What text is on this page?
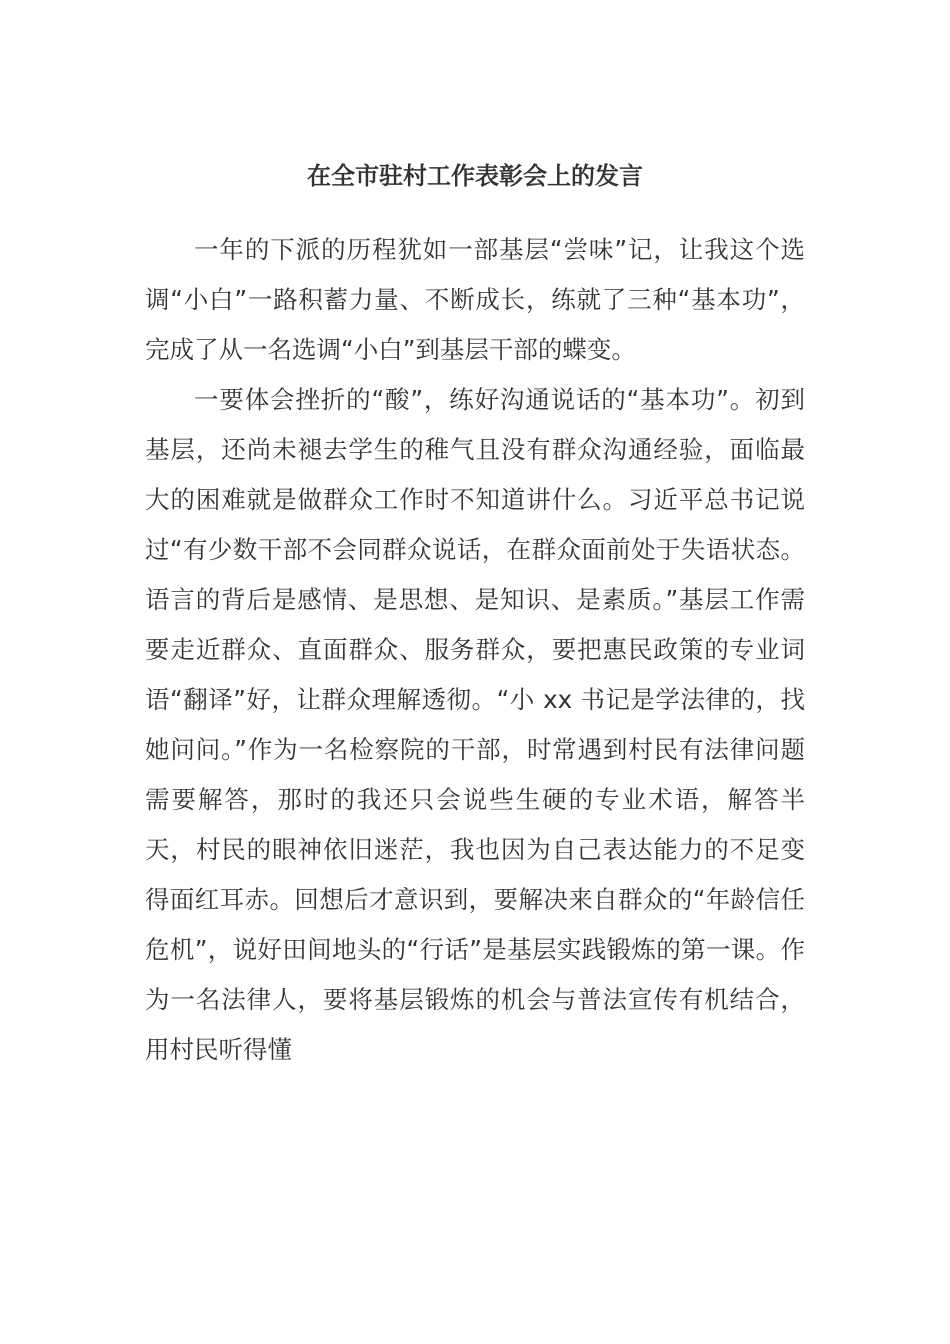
在全市驻村工作表彰会上的发言

一年的下派的历程犹如一部基层“尝味”记，让我这个选调“小白”一路积蓄力量、不断成长，练就了三种“基本功”，完成了从一名选调“小白”到基层干部的蝶变。

一要体会挫折的“酸”，练好沟通说话的“基本功”。初到基层，还尚未褪去学生的稚气且没有群众沟通经验，面临最大的困难就是做群众工作时不知道讲什么。习近平总书记说过“有少数干部不会同群众说话，在群众面前处于失语状态。语言的背后是感情、是思想、是知识、是素质。”基层工作需要走近群众、直面群众、服务群众，要把惠民政策的专业词语“翻译”好，让群众理解透彻。“小 xx 书记是学法律的，找她问问。”作为一名检察院的干部，时常遇到村民有法律问题需要解答，那时的我还只会说些生硬的专业术语，解答半天，村民的眼神依旧迷茫，我也因为自己表达能力的不足变得面红耳赤。回想后才意识到，要解决来自群众的“年龄信任危机”，说好田间地头的“行话”是基层实践锻炼的第一课。作为一名法律人，要将基层锻炼的机会与普法宣传有机结合，用村民听得懂
